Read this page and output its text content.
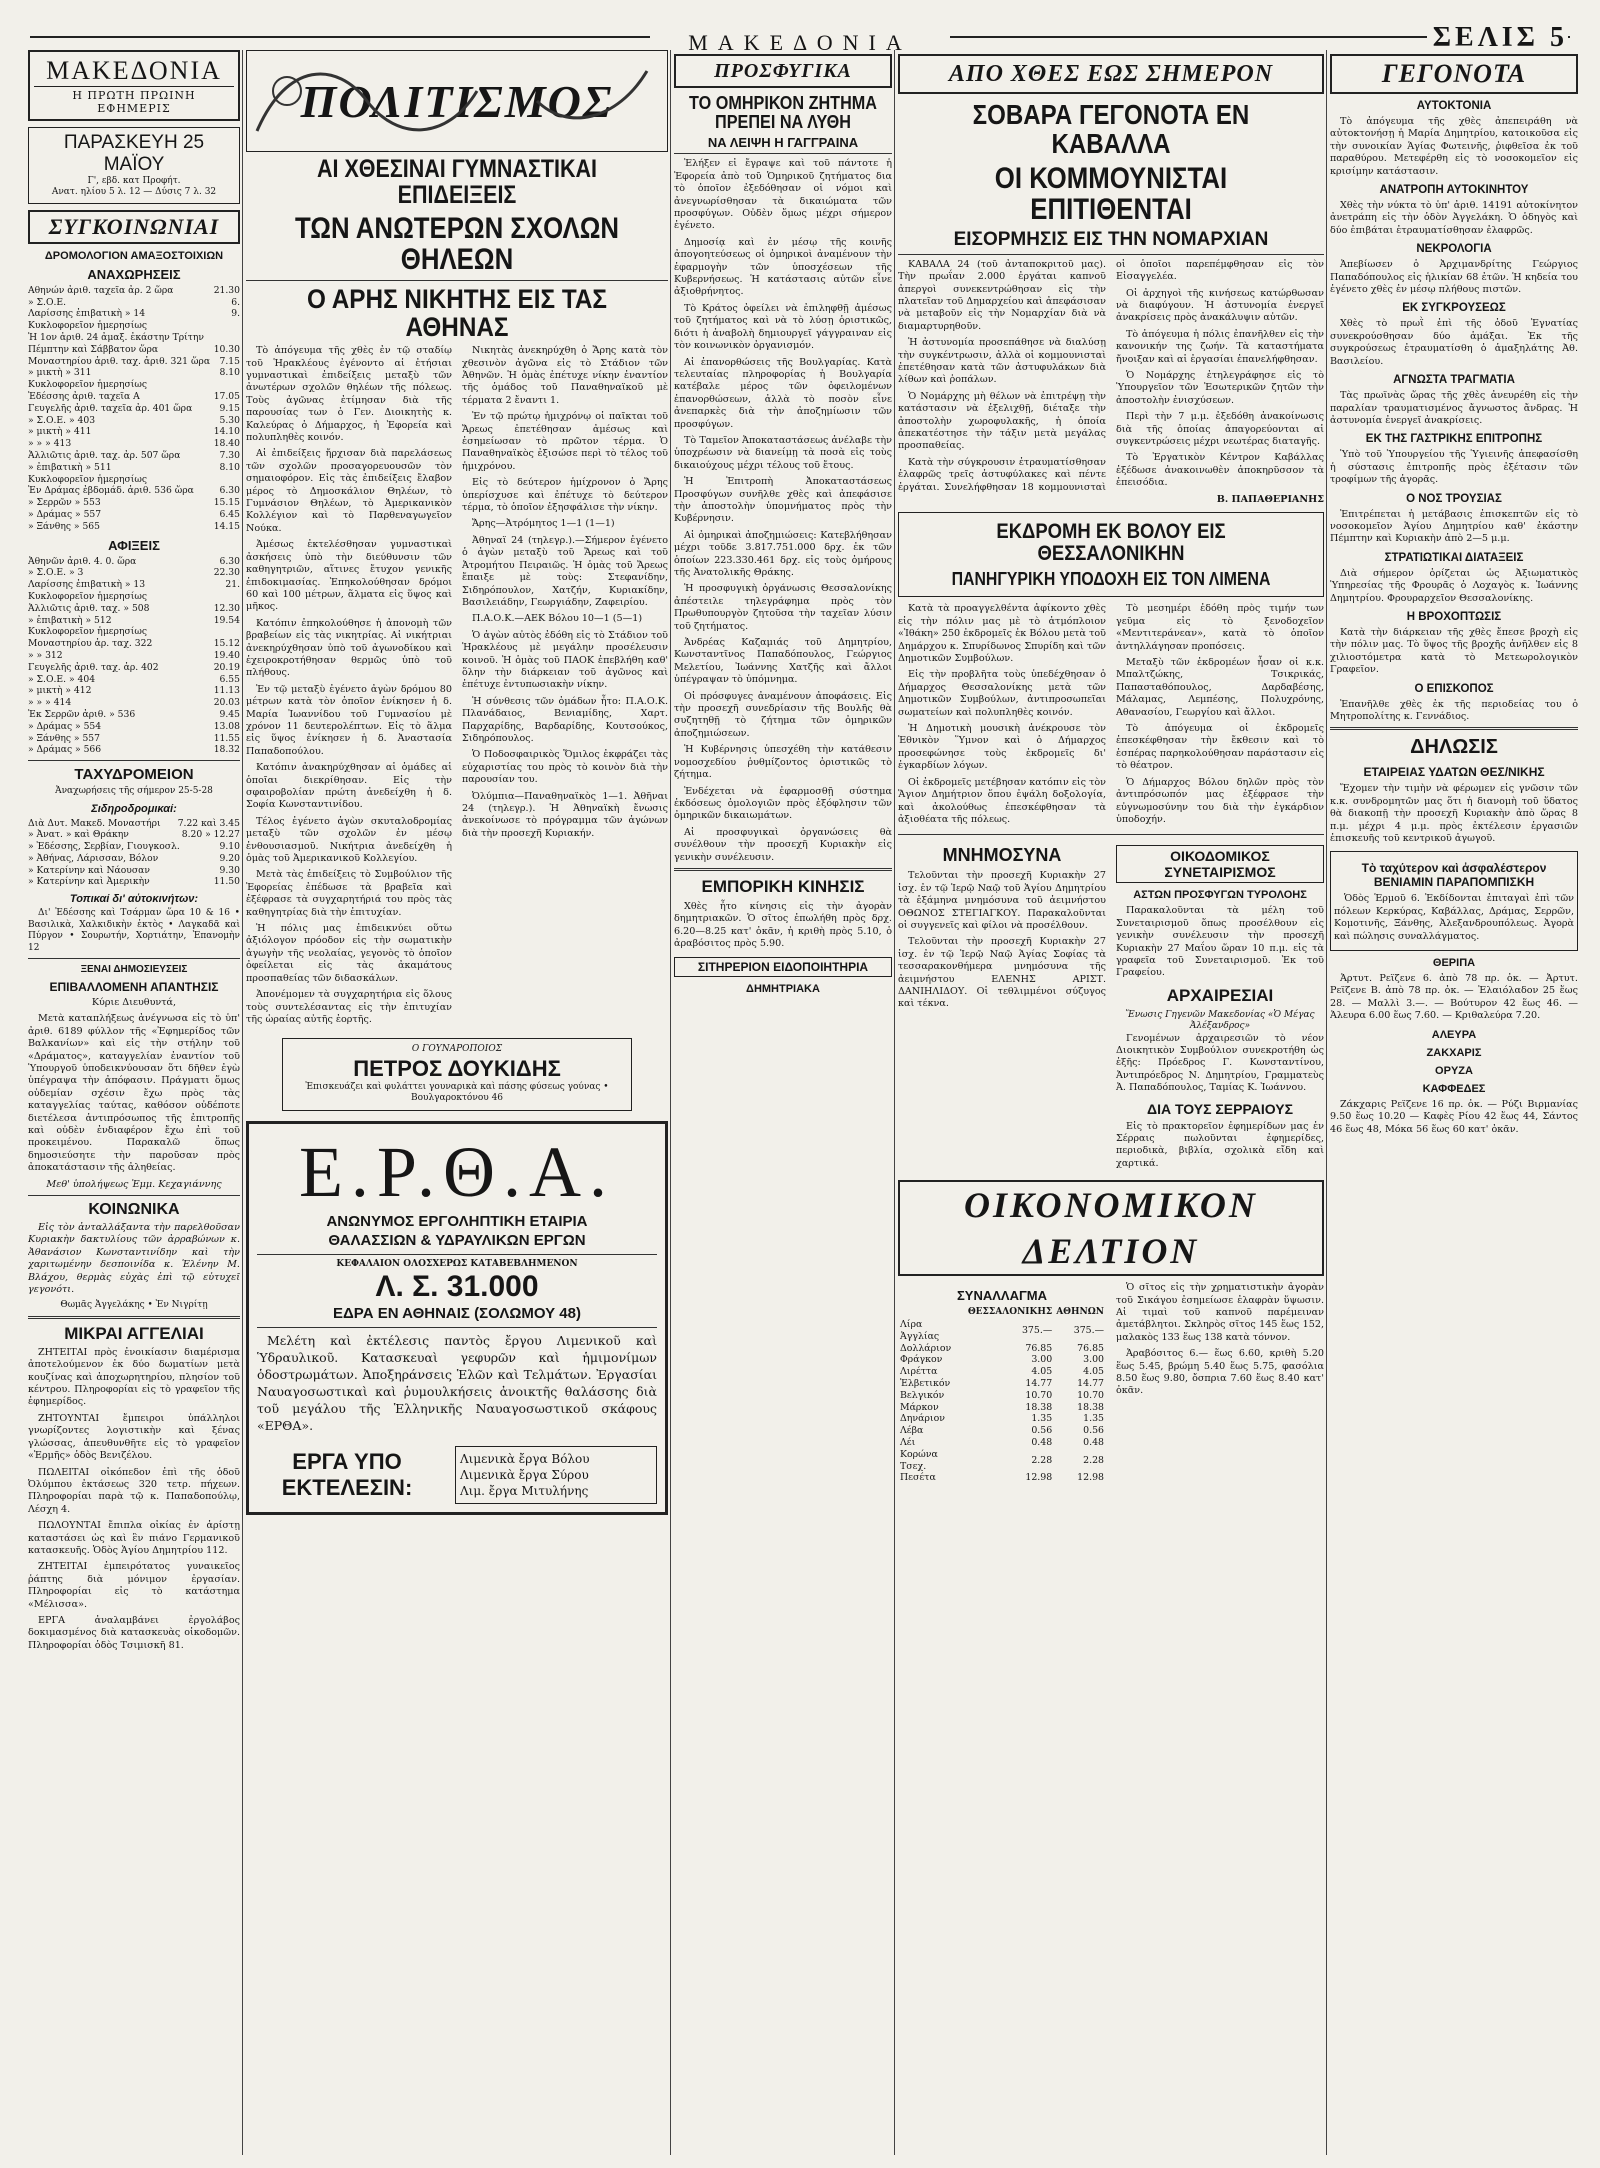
ΜΑΚΕΔΟΝΙΑ	ΣΕΛΙΣ 5
ΜΑΚΕΔΟΝΙΑ
Η ΠΡΩΤΗ ΠΡΩΙΝΗ ΕΦΗΜΕΡΙΣ
ΠΑΡΑΣΚΕΥΗ 25 ΜΑΪΟΥ
Γ', εβδ. κατ Προφήτ.
Ανατ. ηλίου 5 λ. 12 — Δύσις 7 λ. 32
ΣΥΓΚΟΙΝΩΝΙΑΙ
ΔΡΟΜΟΛΟΓΙΟΝ ΑΜΑΞΟΣΤΟΙΧΙΩΝ
ΑΝΑΧΩΡΗΣΕΙΣ
Αθηνών ἀριθ. ταχεῖα ἀρ. 2 ὥρα	21.30
» Σ.Ο.Ε.	6.
Λαρίσσης ἐπιβατικὴ » 14	9.
Κυκλοφορεῖον ἡμερησίως
Ἡ 1ον ἀριθ. 24 ἀμαξ. ἐκάστην Τρίτην
Πέμπτην καὶ Σάββατον ὥρα	10.30
Μοναστηρίου ἀριθ. ταχ. ἀριθ. 321 ὥρα 7.15
» μικτὴ » 311	8.10
Κυκλοφορεῖον ἡμερησίως
Ἐδέσσης ἀριθ. ταχεῖα Α	17.05
Γευγελῆς ἀριθ. ταχεῖα ἀρ. 401 ὥρα	9.15
» Σ.Ο.Ε. » 403	5.30
» μικτὴ » 411	14.10
» » » 413	18.40
Ἀλλιῶτις ἀριθ. ταχ. ἀρ. 507 ὥρα	7.30
» ἐπιβατικὴ » 511	8.10
Κυκλοφορεῖον ἡμερησίως
Ἐν Δράμας ἐβδομάδ. ἀριθ. 536 ὥρα	6.30
» Σερρῶν » 553	15.15
» Δράμας » 557	6.45
» Ξάνθης » 565	14.15
ΑΦΙΞΕΙΣ
Ἀθηνῶν ἀριθ. 4. 0. ὥρα	6.30
» Σ.Ο.Ε. » 3	22.30
Λαρίσσης ἐπιβατικὴ » 13	21.
Κυκλοφορεῖον ἡμερησίως
Ἀλλιῶτις ἀριθ. ταχ. » 508	12.30
» ἐπιβατικὴ » 512	19.54
Κυκλοφορεῖον ἡμερησίως
Μοναστηρίου ἀρ. ταχ. 322	15.12
» » 312	19.40
Γευγελῆς ἀριθ. ταχ. ἀρ. 402	20.19
» Σ.Ο.Ε. » 404	6.55
» μικτὴ » 412	11.13
» » » 414	20.03
Ἐκ Σερρῶν ἀριθ. » 536	9.45
» Δράμας » 554	13.08
» Ξάνθης » 557	11.55
» Δράμας » 566	18.32
ΤΑΧΥΔΡΟΜΕΙΟΝ
Ἀναχωρήσεις τῆς σήμερον 25-5-28
Σιδηροδρομικαί:
Διὰ Δυτ. Μακεδ. Μοναστήρι 7.22 καὶ 3.45
» Ἀνατ. » καὶ Θράκην	8.20 » 12.27
» Ἐδέσσης, Σερβίαν, Γιουγκοσλ.	9.10
» Ἀθήνας, Λάρισσαν, Βόλον	9.20
» Κατερίνην καὶ Νάουσαν	9.30
» Κατερίνην καὶ Ἀμερικὴν	11.50
Τοπικαί δι' αὐτοκινήτων:

Δι' Ἐδέσσης καὶ Τσάρμαν ὥρα 10 & 16 • Βασιλικὰ, Χαλκιδικὴν ἐκτὸς • Λαγκαδᾶ καὶ Πύργον • Σουρωτήν, Χορτιάτην, Ἐπανομὴν 12

ΞΕΝΑΙ ΔΗΜΟΣΙΕΥΣΕΙΣ
ΕΠΙΒΑΛΛΟΜΕΝΗ ΑΠΑΝΤΗΣΙΣ

Κύριε Διευθυντά,

Μετὰ καταπλήξεως ἀνέγνωσα εἰς τὸ ὑπ' ἀριθ. 6189 φύλλον τῆς «Ἐφημερίδος τῶν Βαλκανίων» καὶ εἰς τὴν στήλην τοῦ «Δράματος», καταγγελίαν ἐναντίον τοῦ Ὑπουργοῦ ὑποδεικνύουσαν ὅτι δῆθεν ἐγὼ ὑπέγραψα τὴν ἀπόφασιν. Πράγματι ὅμως οὐδεμίαν σχέσιν ἔχω πρὸς τὰς καταγγελίας ταύτας, καθόσον οὐδέποτε διετέλεσα ἀντιπρόσωπος τῆς ἐπιτροπῆς καὶ οὐδὲν ἐνδιαφέρον ἔχω ἐπὶ τοῦ προκειμένου. Παρακαλῶ ὅπως δημοσιεύσητε τὴν παροῦσαν πρὸς ἀποκατάστασιν τῆς ἀληθείας.

Μεθ' ὑπολήψεως Ἐμμ. Κεχαγιάννης

ΚΟΙΝΩΝΙΚΑ

Εἰς τὸν ἀνταλλάξαντα τὴν παρελθοῦσαν Κυριακὴν δακτυλίους τῶν ἀρραβώνων κ. Ἀθανάσιον Κωνσταντινίδην καὶ τὴν χαριτωμένην δεσποινίδα κ. Ἑλένην Μ. Βλάχου, θερμὰς εὐχὰς ἐπὶ τῷ εὐτυχεῖ γεγονότι.

Θωμᾶς Ἀγγελάκης • Ἐν Νιγρίτῃ

ΜΙΚΡΑΙ ΑΓΓΕΛΙΑΙ

ΖΗΤΕΙΤΑΙ πρὸς ἐνοικίασιν διαμέρισμα ἀποτελούμενον ἐκ δύο δωματίων μετὰ κουζίνας καὶ ἀποχωρητηρίου, πλησίον τοῦ κέντρου. Πληροφορίαι εἰς τὸ γραφεῖον τῆς ἐφημερίδος.

ΖΗΤΟΥΝΤΑΙ ἔμπειροι ὑπάλληλοι γνωρίζοντες λογιστικὴν καὶ ξένας γλώσσας, ἀπευθυνθῆτε εἰς τὸ γραφεῖον «Ἑρμῆς» ὁδὸς Βενιζέλου.

ΠΩΛΕΙΤΑΙ οἰκόπεδον ἐπὶ τῆς ὁδοῦ Ὀλύμπου ἐκτάσεως 320 τετρ. πήχεων. Πληροφορίαι παρὰ τῷ κ. Παπαδοπούλῳ, Λέσχη 4.

ΠΩΛΟΥΝΤΑΙ ἔπιπλα οἰκίας ἐν ἀρίστῃ καταστάσει ὡς καὶ ἓν πιάνο Γερμανικοῦ κατασκευῆς. Ὁδὸς Ἁγίου Δημητρίου 112.

ΖΗΤΕΙΤΑΙ ἐμπειρότατος γυναικεῖος ῥάπτης διὰ μόνιμον ἐργασίαν. Πληροφορίαι εἰς τὸ κατάστημα «Μέλισσα».

ΕΡΓΑ ἀναλαμβάνει ἐργολάβος δοκιμασμένος διὰ κατασκευὰς οἰκοδομῶν. Πληροφορίαι ὁδὸς Τσιμισκῆ 81.

ΠΟΛΙΤΙΣΜΟΣ
ΑΙ ΧΘΕΣΙΝΑΙ ΓΥΜΝΑΣΤΙΚΑΙ ΕΠΙΔΕΙΞΕΙΣ
ΤΩΝ ΑΝΩΤΕΡΩΝ ΣΧΟΛΩΝ ΘΗΛΕΩΝ
Ο ΑΡΗΣ ΝΙΚΗΤΗΣ ΕΙΣ ΤΑΣ ΑΘΗΝΑΣ

Τὸ ἀπόγευμα τῆς χθὲς ἐν τῷ σταδίῳ τοῦ Ἡρακλέους ἐγένοντο αἱ ἐτήσιαι γυμναστικαὶ ἐπιδείξεις μεταξὺ τῶν ἀνωτέρων σχολῶν θηλέων τῆς πόλεως. Τοὺς ἀγῶνας ἐτίμησαν διὰ τῆς παρουσίας των ὁ Γεν. Διοικητὴς κ. Καλεύρας ὁ Δήμαρχος, ἡ Ἐφορεία καὶ πολυπληθὲς κοινόν.

Αἱ ἐπιδείξεις ἤρχισαν διὰ παρελάσεως τῶν σχολῶν προσαγορευουσῶν τὸν σημαιοφόρον. Εἰς τὰς ἐπιδείξεις ἔλαβον μέρος τὸ Δημοσκάλιον Θηλέων, τὸ Γυμνάσιον Θηλέων, τὸ Ἀμερικανικὸν Κολλέγιον καὶ τὸ Παρθεναγωγεῖον Νούκα.

Ἀμέσως ἐκτελέσθησαν γυμναστικαὶ ἀσκήσεις ὑπὸ τὴν διεύθυνσιν τῶν καθηγητριῶν, αἵτινες ἔτυχον γενικῆς ἐπιδοκιμασίας. Ἐπηκολούθησαν δρόμοι 60 καὶ 100 μέτρων, ἅλματα εἰς ὕψος καὶ μῆκος.

Κατόπιν ἐπηκολούθησε ἡ ἀπονομὴ τῶν βραβείων εἰς τὰς νικητρίας. Αἱ νικήτριαι ἀνεκηρύχθησαν ὑπὸ τοῦ ἀγωνοδίκου καὶ ἐχειροκροτήθησαν θερμῶς ὑπὸ τοῦ πλήθους.

Ἐν τῷ μεταξὺ ἐγένετο ἀγὼν δρόμου 80 μέτρων κατὰ τὸν ὁποῖον ἐνίκησεν ἡ δ. Μαρία Ἰωαννίδου τοῦ Γυμνασίου μὲ χρόνον 11 δευτερολέπτων. Εἰς τὸ ἅλμα εἰς ὕψος ἐνίκησεν ἡ δ. Ἀναστασία Παπαδοπούλου.

Κατόπιν ἀνακηρύχθησαν αἱ ὁμάδες αἱ ὁποῖαι διεκρίθησαν. Εἰς τὴν σφαιροβολίαν πρώτη ἀνεδείχθη ἡ δ. Σοφία Κωνσταντινίδου.

Τέλος ἐγένετο ἀγὼν σκυταλοδρομίας μεταξὺ τῶν σχολῶν ἐν μέσῳ ἐνθουσιασμοῦ. Νικήτρια ἀνεδείχθη ἡ ὁμὰς τοῦ Ἀμερικανικοῦ Κολλεγίου.

Μετὰ τὰς ἐπιδείξεις τὸ Συμβούλιον τῆς Ἐφορείας ἐπέδωσε τὰ βραβεῖα καὶ ἐξέφρασε τὰ συγχαρητήριά του πρὸς τὰς καθηγητρίας διὰ τὴν ἐπιτυχίαν.

Ἡ πόλις μας ἐπιδεικνύει οὕτω ἀξιόλογον πρόοδον εἰς τὴν σωματικὴν ἀγωγὴν τῆς νεολαίας, γεγονὸς τὸ ὁποῖον ὀφείλεται εἰς τὰς ἀκαμάτους προσπαθείας τῶν διδασκάλων.

Ἀπονέμομεν τὰ συγχαρητήρια εἰς ὅλους τοὺς συντελέσαντας εἰς τὴν ἐπιτυχίαν τῆς ὡραίας αὐτῆς ἑορτῆς.

Νικητὰς ἀνεκηρύχθη ὁ Ἄρης κατὰ τὸν χθεσινὸν ἀγῶνα εἰς τὸ Στάδιον τῶν Ἀθηνῶν. Ἡ ὁμὰς ἐπέτυχε νίκην ἐναντίον τῆς ὁμάδος τοῦ Παναθηναϊκοῦ μὲ τέρματα 2 ἔναντι 1.

Ἐν τῷ πρώτῳ ἡμιχρόνῳ οἱ παῖκται τοῦ Ἄρεως ἐπετέθησαν ἀμέσως καὶ ἐσημείωσαν τὸ πρῶτον τέρμα. Ὁ Παναθηναϊκὸς ἐξισώσε περὶ τὸ τέλος τοῦ ἡμιχρόνου.

Εἰς τὸ δεύτερον ἡμίχρονον ὁ Ἄρης ὑπερίσχυσε καὶ ἐπέτυχε τὸ δεύτερον τέρμα, τὸ ὁποῖον ἐξησφάλισε τὴν νίκην.

Ἄρης—Ἀτρόμητος 1—1 (1—1)

Ἀθηναϊ 24 (τηλεγρ.).—Σήμερον ἐγένετο ὁ ἀγὼν μεταξὺ τοῦ Ἄρεως καὶ τοῦ Ἀτρομήτου Πειραιῶς. Ἡ ὁμὰς τοῦ Ἄρεως ἔπαιξε μὲ τοὺς: Στεφανίδην, Σιδηρόπουλον, Χατζήν, Κυριακίδην, Βασιλειάδην, Γεωργιάδην, Ζαφειρίου.

Π.Α.Ο.Κ.—ΑΕΚ Βόλου 10—1 (5—1)

Ὁ ἀγὼν αὐτὸς ἐδόθη εἰς τὸ Στάδιον τοῦ Ἡρακλέους μὲ μεγάλην προσέλευσιν κοινοῦ. Ἡ ὁμὰς τοῦ ΠΑΟΚ ἐπεβλήθη καθ' ὅλην τὴν διάρκειαν τοῦ ἀγῶνος καὶ ἐπέτυχε ἐντυπωσιακὴν νίκην.

Ἡ σύνθεσις τῶν ὁμάδων ἦτο: Π.Α.Ο.Κ. Πλανάδαιος, Βενιαμίδης, Χαρτ. Παρχαρίδης, Βαρδαρίδης, Κουτσούκος, Σιδηρόπουλος.

Ὁ Ποδοσφαιρικὸς Ὅμιλος ἐκφράζει τὰς εὐχαριστίας του πρὸς τὸ κοινὸν διὰ τὴν παρουσίαν του.

Ὀλύμπια—Παναθηναϊκὸς 1—1. Ἀθῆναι 24 (τηλεγρ.). Ἡ Ἀθηναϊκὴ ἔνωσις ἀνεκοίνωσε τὸ πρόγραμμα τῶν ἀγώνων διὰ τὴν προσεχῆ Κυριακήν.

Ο ΓΟΥΝΑΡΟΠΟΙΟΣ
ΠΕΤΡΟΣ ΔΟΥΚΙΔΗΣ
Ἐπισκευάζει καὶ φυλάττει γουναρικὰ καὶ πάσης φύσεως γούνας • Βουλγαροκτόνου 46
Ε.Ρ.Θ.Α.
ΑΝΩΝΥΜΟΣ ΕΡΓΟΛΗΠΤΙΚΗ ΕΤΑΙΡΙΑ
ΘΑΛΑΣΣΙΩΝ & ΥΔΡΑΥΛΙΚΩΝ ΕΡΓΩΝ
ΚΕΦΑΛΑΙΟΝ ΟΛΟΣΧΕΡΩΣ ΚΑΤΑΒΕΒΛΗΜΕΝΟΝ
Λ. Σ. 31.000
ΕΔΡΑ ΕΝ ΑΘΗΝΑΙΣ (ΣΟΛΩΜΟΥ 48)

Μελέτη καὶ ἐκτέλεσις παντὸς ἔργου Λιμενικοῦ καὶ Ὑδραυλικοῦ. Κατασκευαὶ γεφυρῶν καὶ ἡμιμονίμων ὁδοστρωμάτων. Ἀποξηράνσεις Ἑλῶν καὶ Τελμάτων. Ἐργασίαι Ναυαγοσωστικαὶ καὶ ῥυμουλκήσεις ἀνοικτῆς θαλάσσης διὰ τοῦ μεγάλου τῆς Ἑλληνικῆς Ναυαγοσωστικοῦ σκάφους «ΕΡΘΑ».

ΕΡΓΑ ΥΠΟ ΕΚΤΕΛΕΣΙΝ:
Λιμενικὰ ἔργα Βόλου
Λιμενικὰ ἔργα Σύρου
Λιμ. ἔργα Μιτυλήνης
ΠΡΟΣΦΥΓΙΚΑ
ΤΟ ΟΜΗΡΙΚΟΝ ΖΗΤΗΜΑ ΠΡΕΠΕΙ ΝΑ ΛΥΘΗ
ΝΑ ΛΕΙΨΗ Η ΓΑΓΓΡΑΙΝΑ

Ἐλήξεν εἰ ἔγραψε καὶ τοῦ πάντοτε ἡ Ἐφορεία ἀπὸ τοῦ Ὁμηρικοῦ ζητήματος δια τὸ ὁποῖον ἐξεδόθησαν οἱ νόμοι καὶ ἀνεγνωρίσθησαν τὰ δικαιώματα τῶν προσφύγων. Οὐδὲν ὅμως μέχρι σήμερον ἐγένετο.

Δημοσίᾳ καὶ ἐν μέσῳ τῆς κοινῆς ἀπογοητεύσεως οἱ ὀμηρικοὶ ἀναμένουν τὴν ἐφαρμογὴν τῶν ὑποσχέσεων τῆς Κυβερνήσεως. Ἡ κατάστασις αὐτῶν εἶνε ἀξιοθρήνητος.

Τὸ Κράτος ὀφείλει νὰ ἐπιληφθῇ ἀμέσως τοῦ ζητήματος καὶ νὰ τὸ λύσῃ ὁριστικῶς, διότι ἡ ἀναβολὴ δημιουργεῖ γάγγραιναν εἰς τὸν κοινωνικὸν ὀργανισμόν.

Αἱ ἐπανορθώσεις τῆς Βουλγαρίας. Κατὰ τελευταίας πληροφορίας ἡ Βουλγαρία κατέβαλε μέρος τῶν ὀφειλομένων ἐπανορθώσεων, ἀλλὰ τὸ ποσὸν εἶνε ἀνεπαρκὲς διὰ τὴν ἀποζημίωσιν τῶν προσφύγων.

Τὸ Ταμεῖον Ἀποκαταστάσεως ἀνέλαβε τὴν ὑποχρέωσιν νὰ διανείμῃ τὰ ποσὰ εἰς τοὺς δικαιούχους μέχρι τέλους τοῦ ἔτους.

Ἡ Ἐπιτροπὴ Ἀποκαταστάσεως Προσφύγων συνῆλθε χθὲς καὶ ἀπεφάσισε τὴν ἀποστολὴν ὑπομνήματος πρὸς τὴν Κυβέρνησιν.

Αἱ ὀμηρικαὶ ἀποζημιώσεις: Κατεβλήθησαν μέχρι τοῦδε 3.817.751.000 δρχ. ἐκ τῶν ὁποίων 223.330.461 δρχ. εἰς τοὺς ὀμήρους τῆς Ἀνατολικῆς Θράκης.

Ἡ προσφυγικὴ ὀργάνωσις Θεσσαλονίκης ἀπέστειλε τηλεγράφημα πρὸς τὸν Πρωθυπουργὸν ζητοῦσα τὴν ταχεῖαν λύσιν τοῦ ζητήματος.

Ἀνδρέας Καζαμιάς τοῦ Δημητρίου, Κωνσταντῖνος Παπαδόπουλος, Γεώργιος Μελετίου, Ἰωάννης Χατζῆς καὶ ἄλλοι ὑπέγραψαν τὸ ὑπόμνημα.

Οἱ πρόσφυγες ἀναμένουν ἀποφάσεις. Εἰς τὴν προσεχῆ συνεδρίασιν τῆς Βουλῆς θὰ συζητηθῇ τὸ ζήτημα τῶν ὀμηρικῶν ἀποζημιώσεων.

Ἡ Κυβέρνησις ὑπεσχέθη τὴν κατάθεσιν νομοσχεδίου ῥυθμίζοντος ὁριστικῶς τὸ ζήτημα.

Ἐνδέχεται νὰ ἐφαρμοσθῇ σύστημα ἐκδόσεως ὁμολογιῶν πρὸς ἐξόφλησιν τῶν ὀμηρικῶν δικαιωμάτων.

Αἱ προσφυγικαὶ ὀργανώσεις θὰ συνέλθουν τὴν προσεχῆ Κυριακὴν εἰς γενικὴν συνέλευσιν.

ΕΜΠΟΡΙΚΗ ΚΙΝΗΣΙΣ

Χθὲς ἦτο κίνησις εἰς τὴν ἀγορὰν δημητριακῶν. Ὁ σῖτος ἐπωλήθη πρὸς δρχ. 6.20—8.25 κατ' ὀκᾶν, ἡ κριθὴ πρὸς 5.10, ὁ ἀραβόσιτος πρὸς 5.90.

ΣΙΤΗΡΕΡΙΟΝ ΕΙΔΟΠΟΙΗΤΗΡΙΑ
ΔΗΜΗΤΡΙΑΚΑ
ΑΠΟ ΧΘΕΣ ΕΩΣ ΣΗΜΕΡΟΝ
ΣΟΒΑΡΑ ΓΕΓΟΝΟΤΑ ΕΝ ΚΑΒΑΛΛΑ
ΟΙ ΚΟΜΜΟΥΝΙΣΤΑΙ ΕΠΙΤΙΘΕΝΤΑΙ
ΕΙΣΟΡΜΗΣΙΣ ΕΙΣ ΤΗΝ ΝΟΜΑΡΧΙΑΝ

ΚΑΒΑΛΑ 24 (τοῦ ἀνταποκριτοῦ μας). Τὴν πρωΐαν 2.000 ἐργάται καπνοῦ ἀπεργοὶ συνεκεντρώθησαν εἰς τὴν πλατεῖαν τοῦ Δημαρχείου καὶ ἀπεφάσισαν νὰ μεταβοῦν εἰς τὴν Νομαρχίαν διὰ νὰ διαμαρτυρηθοῦν.

Ἡ ἀστυνομία προσεπάθησε νὰ διαλύσῃ τὴν συγκέντρωσιν, ἀλλὰ οἱ κομμουνισταὶ ἐπετέθησαν κατὰ τῶν ἀστυφυλάκων διὰ λίθων καὶ ῥοπάλων.

Ὁ Νομάρχης μὴ θέλων νὰ ἐπιτρέψῃ τὴν κατάστασιν νὰ ἐξελιχθῇ, διέταξε τὴν ἀποστολὴν χωροφυλακῆς, ἡ ὁποία ἀπεκατέστησε τὴν τάξιν μετὰ μεγάλας προσπαθείας.

Κατὰ τὴν σύγκρουσιν ἐτραυματίσθησαν ἐλαφρῶς τρεῖς ἀστυφύλακες καὶ πέντε ἐργάται. Συνελήφθησαν 18 κομμουνισταὶ οἱ ὁποῖοι παρεπέμφθησαν εἰς τὸν Εἰσαγγελέα.

Οἱ ἀρχηγοὶ τῆς κινήσεως κατώρθωσαν νὰ διαφύγουν. Ἡ ἀστυνομία ἐνεργεῖ ἀνακρίσεις πρὸς ἀνακάλυψιν αὐτῶν.

Τὸ ἀπόγευμα ἡ πόλις ἐπανῆλθεν εἰς τὴν κανονικήν της ζωήν. Τὰ καταστήματα ἤνοιξαν καὶ αἱ ἐργασίαι ἐπανελήφθησαν.

Ὁ Νομάρχης ἐτηλεγράφησε εἰς τὸ Ὑπουργεῖον τῶν Ἐσωτερικῶν ζητῶν τὴν ἀποστολὴν ἐνισχύσεων.

Περὶ τὴν 7 μ.μ. ἐξεδόθη ἀνακοίνωσις διὰ τῆς ὁποίας ἀπαγορεύονται αἱ συγκεντρώσεις μέχρι νεωτέρας διαταγῆς.

Τὸ Ἐργατικὸν Κέντρον Καβάλλας ἐξέδωσε ἀνακοινωθὲν ἀποκηρῦσσον τὰ ἐπεισόδια.

Β. ΠΑΠΑΘΕΡΙΑΝΗΣ

ΕΚΔΡΟΜΗ ΕΚ ΒΟΛΟΥ ΕΙΣ ΘΕΣΣΑΛΟΝΙΚΗΝ
ΠΑΝΗΓΥΡΙΚΗ ΥΠΟΔΟΧΗ ΕΙΣ ΤΟΝ ΛΙΜΕΝΑ

Κατὰ τὰ προαγγελθέντα ἀφίκοντο χθὲς εἰς τὴν πόλιν μας μὲ τὸ ἀτμόπλοιον «Ἰθάκη» 250 ἐκδρομεῖς ἐκ Βόλου μετὰ τοῦ Δημάρχου κ. Σπυρίδωνος Σπυρίδη καὶ τῶν Δημοτικῶν Συμβούλων.

Εἰς τὴν προβλῆτα τοὺς ὑπεδέχθησαν ὁ Δήμαρχος Θεσσαλονίκης μετὰ τῶν Δημοτικῶν Συμβούλων, ἀντιπροσωπεῖαι σωματείων καὶ πολυπληθὲς κοινόν.

Ἡ Δημοτικὴ μουσικὴ ἀνέκρουσε τὸν Ἐθνικὸν Ὕμνον καὶ ὁ Δήμαρχος προσεφώνησε τοὺς ἐκδρομεῖς δι' ἐγκαρδίων λόγων.

Οἱ ἐκδρομεῖς μετέβησαν κατόπιν εἰς τὸν Ἅγιον Δημήτριον ὅπου ἐψάλη δοξολογία, καὶ ἀκολούθως ἐπεσκέφθησαν τὰ ἀξιοθέατα τῆς πόλεως.

Τὸ μεσημέρι ἐδόθη πρὸς τιμήν των γεῦμα εἰς τὸ ξενοδοχεῖον «Μεντιτεράνεαν», κατὰ τὸ ὁποῖον ἀντηλλάγησαν προπόσεις.

Μεταξὺ τῶν ἐκδρομέων ἦσαν οἱ κ.κ. Μπαλτζώκης, Τσικρικάς, Παπασταθόπουλος, Δαρδαβέσης, Μάλαμας, Λεμπέσης, Πολυχρόνης, Αθανασίου, Γεωργίου καὶ ἄλλοι.

Τὸ ἀπόγευμα οἱ ἐκδρομεῖς ἐπεσκέφθησαν τὴν ἔκθεσιν καὶ τὸ ἑσπέρας παρηκολούθησαν παράστασιν εἰς τὸ θέατρον.

Ὁ Δήμαρχος Βόλου δηλῶν πρὸς τὸν ἀντιπρόσωπόν μας ἐξέφρασε τὴν εὐγνωμοσύνην του διὰ τὴν ἐγκάρδιον ὑποδοχήν.

ΜΝΗΜΟΣΥΝΑ

Τελοῦνται τὴν προσεχῆ Κυριακὴν 27 ἰσχ. ἐν τῷ Ἱερῷ Ναῷ τοῦ Ἁγίου Δημητρίου τὰ ἑξάμηνα μνημόσυνα τοῦ ἀειμνήστου ΟΘΩΝΟΣ ΣΤΕΓΙΑΓΚΟΥ. Παρακαλοῦνται οἱ συγγενεῖς καὶ φίλοι νὰ προσέλθουν.

Τελοῦνται τὴν προσεχῆ Κυριακὴν 27 ἰσχ. ἐν τῷ Ἱερῷ Ναῷ Ἁγίας Σοφίας τὰ τεσσαρακονθήμερα μνημόσυνα τῆς ἀειμνήστου ΕΛΕΝΗΣ ΑΡΙΣΤ. ΔΑΝΙΗΛΙΔΟΥ. Οἱ τεθλιμμένοι σύζυγος καὶ τέκνα.

ΟΙΚΟΔΟΜΙΚΟΣ ΣΥΝΕΤΑΙΡΙΣΜΟΣ
ΑΣΤΩΝ ΠΡΟΣΦΥΓΩΝ ΤΥΡΟΛΟΗΣ

Παρακαλοῦνται τὰ μέλη τοῦ Συνεταιρισμοῦ ὅπως προσέλθουν εἰς γενικὴν συνέλευσιν τὴν προσεχῆ Κυριακὴν 27 Μαΐου ὥραν 10 π.μ. εἰς τὰ γραφεῖα τοῦ Συνεταιρισμοῦ. Ἐκ τοῦ Γραφείου.

ΑΡΧΑΙΡΕΣΙΑΙ
Ἕνωσις Γηγενῶν Μακεδονίας «Ὁ Μέγας Ἀλέξανδρος»

Γενομένων ἀρχαιρεσιῶν τὸ νέον Διοικητικὸν Συμβούλιον συνεκροτήθη ὡς ἑξῆς: Πρόεδρος Γ. Κωνσταντίνου, Ἀντιπρόεδρος Ν. Δημητρίου, Γραμματεὺς Ἀ. Παπαδόπουλος, Ταμίας Κ. Ἰωάννου.

ΔΙΑ ΤΟΥΣ ΣΕΡΡΑΙΟΥΣ

Εἰς τὸ πρακτορεῖον ἐφημερίδων μας ἐν Σέρραις πωλοῦνται ἐφημερίδες, περιοδικὰ, βιβλία, σχολικὰ εἴδη καὶ χαρτικά.

ΟΙΚΟΝΟΜΙΚΟΝ ΔΕΛΤΙΟΝ
ΣΥΝΑΛΛΑΓΜΑ
	ΘΕΣΣΑΛΟΝΙΚΗΣ	ΑΘΗΝΩΝ
Λίρα Ἀγγλίας	375.—	375.—
Δολλάριον	76.85	76.85
Φράγκον	3.00	3.00
Λιρέττα	4.05	4.05
Ἑλβετικόν	14.77	14.77
Βελγικόν	10.70	10.70
Μάρκον	18.38	18.38
Δηνάριον	1.35	1.35
Λέβα	0.56	0.56
Λέι	0.48	0.48
Κορώνα Τσεχ.	2.28	2.28
Πεσέτα	12.98	12.98

Ὁ σῖτος εἰς τὴν χρηματιστικὴν ἀγορὰν τοῦ Σικάγου ἐσημείωσε ἐλαφρὰν ὕψωσιν. Αἱ τιμαὶ τοῦ καπνοῦ παρέμειναν ἀμετάβλητοι. Σκληρὸς σῖτος 145 ἕως 152, μαλακὸς 133 ἕως 138 κατὰ τόννον.

Ἀραβόσιτος 6.— ἕως 6.60, κριθὴ 5.20 ἕως 5.45, βρώμη 5.40 ἕως 5.75, φασόλια 8.50 ἕως 9.80, ὄσπρια 7.60 ἕως 8.40 κατ' ὀκᾶν.

ΓΕΓΟΝΟΤΑ
ΑΥΤΟΚΤΟΝΙΑ

Τὸ ἀπόγευμα τῆς χθὲς ἀπεπειράθη νὰ αὐτοκτονήσῃ ἡ Μαρία Δημητρίου, κατοικοῦσα εἰς τὴν συνοικίαν Ἁγίας Φωτεινῆς, ῥιφθεῖσα ἐκ τοῦ παραθύρου. Μετεφέρθη εἰς τὸ νοσοκομεῖον εἰς κρισίμην κατάστασιν.

ΑΝΑΤΡΟΠΗ ΑΥΤΟΚΙΝΗΤΟΥ

Χθὲς τὴν νύκτα τὸ ὑπ' ἀριθ. 14191 αὐτοκίνητον ἀνετράπη εἰς τὴν ὁδὸν Ἀγγελάκη. Ὁ ὁδηγὸς καὶ δύο ἐπιβάται ἐτραυματίσθησαν ἐλαφρῶς.

ΝΕΚΡΟΛΟΓΙΑ

Ἀπεβίωσεν ὁ Ἀρχιμανδρίτης Γεώργιος Παπαδόπουλος εἰς ἡλικίαν 68 ἐτῶν. Ἡ κηδεία του ἐγένετο χθὲς ἐν μέσῳ πλήθους πιστῶν.

ΕΚ ΣΥΓΚΡΟΥΣΕΩΣ

Χθὲς τὸ πρωῒ ἐπὶ τῆς ὁδοῦ Ἐγνατίας συνεκρούσθησαν δύο ἁμάξαι. Ἐκ τῆς συγκρούσεως ἐτραυματίσθη ὁ ἁμαξηλάτης Ἀθ. Βασιλείου.

ΑΓΝΩΣΤΑ ΤΡΑΓΜΑΤΙΑ

Τὰς πρωϊνὰς ὥρας τῆς χθὲς ἀνευρέθη εἰς τὴν παραλίαν τραυματισμένος ἄγνωστος ἄνδρας. Ἡ ἀστυνομία ἐνεργεῖ ἀνακρίσεις.

ΕΚ ΤΗΣ ΓΑΣΤΡΙΚΗΣ ΕΠΙΤΡΟΠΗΣ

Ὑπὸ τοῦ Ὑπουργείου τῆς Ὑγιεινῆς ἀπεφασίσθη ἡ σύστασις ἐπιτροπῆς πρὸς ἐξέτασιν τῶν τροφίμων τῆς ἀγορᾶς.

Ο ΝΟΣ ΤΡΟΥΣΙΑΣ

Ἐπιτρέπεται ἡ μετάβασις ἐπισκεπτῶν εἰς τὸ νοσοκομεῖον Ἁγίου Δημητρίου καθ' ἑκάστην Πέμπτην καὶ Κυριακὴν ἀπὸ 2—5 μ.μ.

ΣΤΡΑΤΙΩΤΙΚΑΙ ΔΙΑΤΑΞΕΙΣ

Διὰ σήμερον ὁρίζεται ὡς Ἀξιωματικὸς Ὑπηρεσίας τῆς Φρουρᾶς ὁ Λοχαγὸς κ. Ἰωάννης Δημητρίου. Φρουραρχεῖον Θεσσαλονίκης.

Η ΒΡΟΧΟΠΤΩΣΙΣ

Κατὰ τὴν διάρκειαν τῆς χθὲς ἔπεσε βροχὴ εἰς τὴν πόλιν μας. Τὸ ὕψος τῆς βροχῆς ἀνῆλθεν εἰς 8 χιλιοστόμετρα κατὰ τὸ Μετεωρολογικὸν Γραφεῖον.

Ο ΕΠΙΣΚΟΠΟΣ

Ἐπανῆλθε χθὲς ἐκ τῆς περιοδείας του ὁ Μητροπολίτης κ. Γεννάδιος.

ΔΗΛΩΣΙΣ
ΕΤΑΙΡΕΙΑΣ ΥΔΑΤΩΝ ΘΕΣ/ΝΙΚΗΣ

Ἔχομεν τὴν τιμὴν νὰ φέρωμεν εἰς γνῶσιν τῶν κ.κ. συνδρομητῶν μας ὅτι ἡ διανομὴ τοῦ ὕδατος θὰ διακοπῇ τὴν προσεχῆ Κυριακὴν ἀπὸ ὥρας 8 π.μ. μέχρι 4 μ.μ. πρὸς ἐκτέλεσιν ἐργασιῶν ἐπισκευῆς τοῦ κεντρικοῦ ἀγωγοῦ.

Τὸ ταχύτερον καὶ ἀσφαλέστερον ΒΕΝΙΑΜΙΝ ΠΑΡΑΠΟΜΠΙΣΚΗ

Ὁδὸς Ἑρμοῦ 6. Ἐκδίδονται ἐπιταγαὶ ἐπὶ τῶν πόλεων Κερκύρας, Καβάλλας, Δράμας, Σερρῶν, Κομοτινῆς, Ξάνθης, Ἀλεξανδρουπόλεως. Ἀγορὰ καὶ πώλησις συναλλάγματος.

ΘΕΡΙΠΑ

Ἀρτυτ. Ρεϊζενε 6. ἀπὸ 78 πρ. ὀκ. — Ἀρτυτ. Ρεϊζενε B. ἀπὸ 78 πρ. ὀκ. — Ἐλαιόλαδον 25 ἕως 28. — Μαλλὶ 3.—. — Βούτυρον 42 ἕως 46. — Ἀλευρα 6.00 ἕως 7.60. — Κριθαλεύρα 7.20.

ΑΛΕΥΡΑ
ΖΑΚΧΑΡΙΣ
ΟΡΥΖΑ
ΚΑΦΦΕΔΕΣ

Ζάκχαρις Ρεϊζενε 16 πρ. ὀκ. — Ρύζι Βιρμανίας 9.50 ἕως 10.20 — Καφὲς Ρίου 42 ἕως 44, Σάντος 46 ἕως 48, Μόκα 56 ἕως 60 κατ' ὀκᾶν.
